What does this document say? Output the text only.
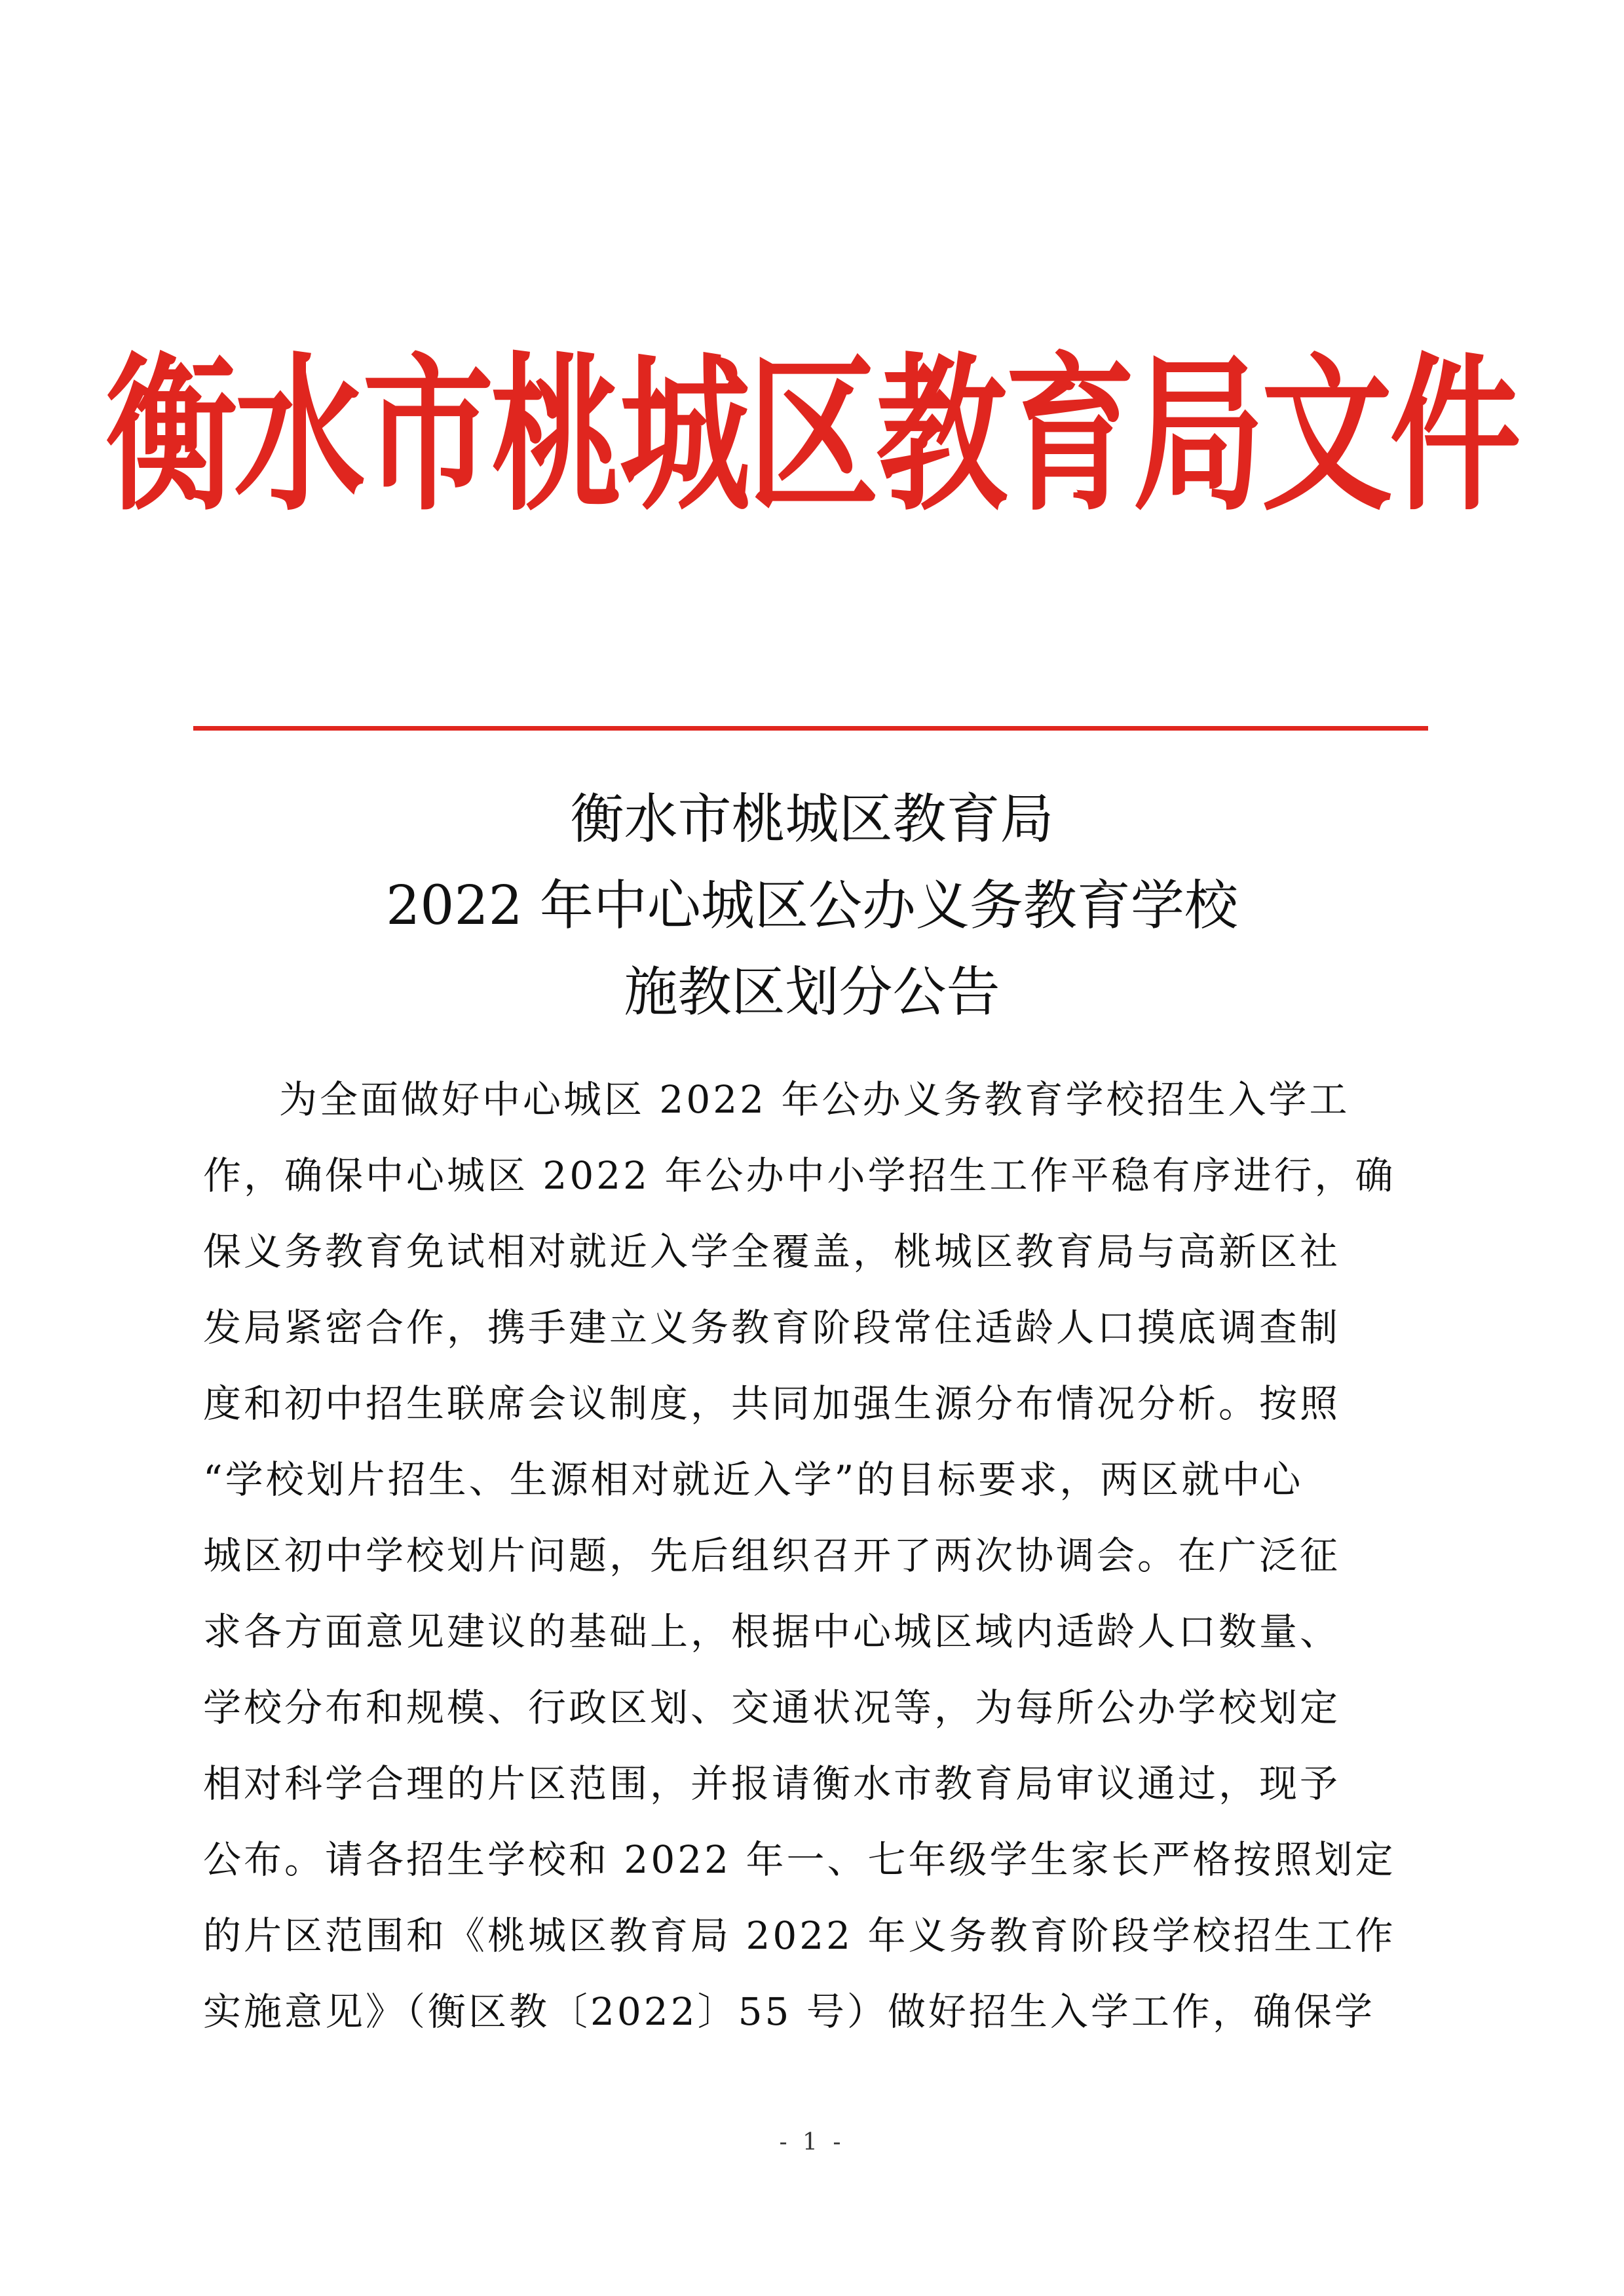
衡水市桃城区教育局文件
衡水市桃城区教育局
2022 年中心城区公办义务教育学校
施教区划分公告
为全面做好中心城区 2022 年公办义务教育学校招生入学工
作，确保中心城区 2022 年公办中小学招生工作平稳有序进行，确
保义务教育免试相对就近入学全覆盖，桃城区教育局与高新区社
发局紧密合作，携手建立义务教育阶段常住适龄人口摸底调查制
度和初中招生联席会议制度，共同加强生源分布情况分析。按照
“学校划片招生、生源相对就近入学”的目标要求，两区就中心
城区初中学校划片问题，先后组织召开了两次协调会。在广泛征
求各方面意见建议的基础上，根据中心城区域内适龄人口数量、
学校分布和规模、行政区划、交通状况等，为每所公办学校划定
相对科学合理的片区范围，并报请衡水市教育局审议通过，现予
公布。请各招生学校和 2022 年一、七年级学生家长严格按照划定
的片区范围和《桃城区教育局 2022 年义务教育阶段学校招生工作
实施意见》（衡区教〔2022〕55 号）做好招生入学工作，确保学
- 1 -
